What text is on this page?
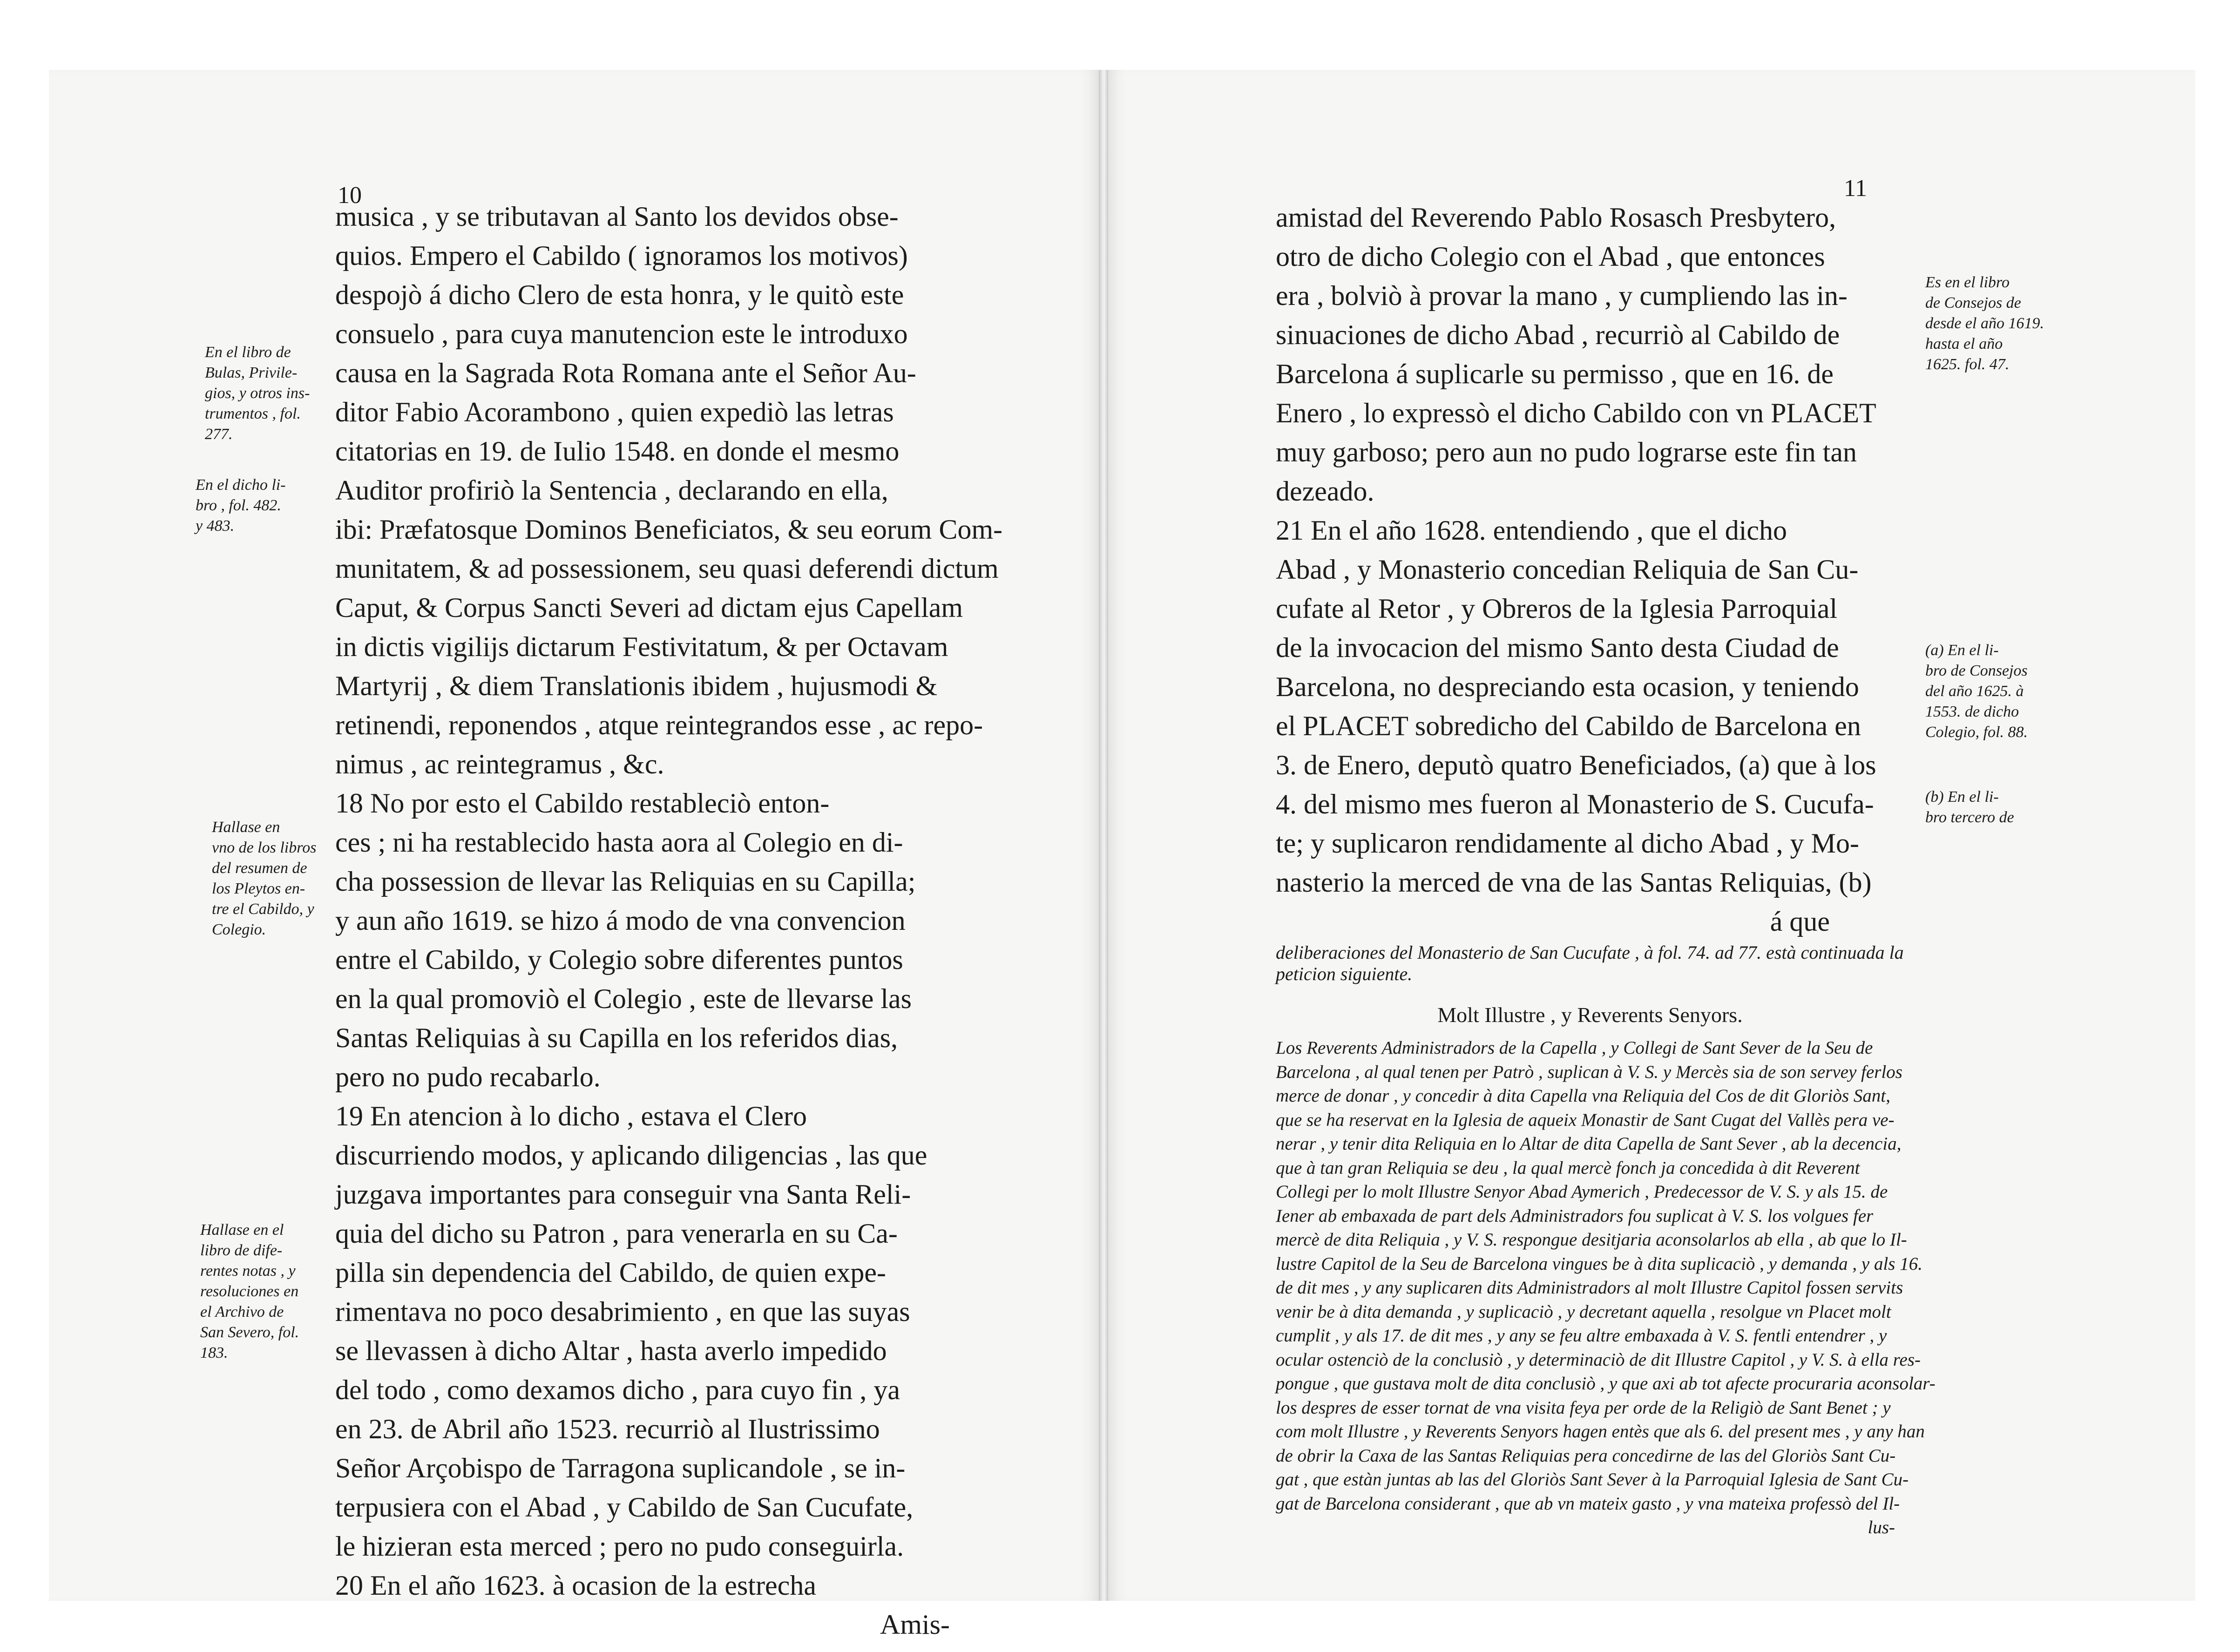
10	11
musica , y se tributavan al Santo los devidos obse-
quios. Empero el Cabildo ( ignoramos los motivos)
despojò á dicho Clero de esta honra, y le quitò este
consuelo , para cuya manutencion este le introduxo
causa en la Sagrada Rota Romana ante el Señor Au-
ditor Fabio Acorambono , quien expediò las letras
citatorias en 19. de Iulio 1548. en donde el mesmo
Auditor profiriò la Sentencia , declarando en ella,
ibi: Præfatosque Dominos Beneficiatos, & seu eorum Com-
munitatem, & ad possessionem, seu quasi deferendi dictum
Caput, & Corpus Sancti Severi ad dictam ejus Capellam
in dictis vigilijs dictarum Festivitatum, & per Octavam
Martyrij , & diem Translationis ibidem , hujusmodi &
retinendi, reponendos , atque reintegrandos esse , ac repo-
nimus , ac reintegramus , &c.
18 No por esto el Cabildo restableciò enton-
ces ; ni ha restablecido hasta aora al Colegio en di-
cha possession de llevar las Reliquias en su Capilla;
y aun año 1619. se hizo á modo de vna convencion
entre el Cabildo, y Colegio sobre diferentes puntos
en la qual promoviò el Colegio , este de llevarse las
Santas Reliquias à su Capilla en los referidos dias,
pero no pudo recabarlo.
19 En atencion à lo dicho , estava el Clero
discurriendo modos, y aplicando diligencias , las que
juzgava importantes para conseguir vna Santa Reli-
quia del dicho su Patron , para venerarla en su Ca-
pilla sin dependencia del Cabildo, de quien expe-
rimentava no poco desabrimiento , en que las suyas
se llevassen à dicho Altar , hasta averlo impedido
del todo , como dexamos dicho , para cuyo fin , ya
en 23. de Abril año 1523. recurriò al Ilustrissimo
Señor Arçobispo de Tarragona suplicandole , se in-
terpusiera con el Abad , y Cabildo de San Cucufate,
le hizieran esta merced ; pero no pudo conseguirla.
20 En el año 1623. à ocasion de la estrecha
Amis-
En el libro de
Bulas, Privile-
gios, y otros ins-
trumentos , fol.
277.
En el dicho li-
bro , fol. 482.
y 483.
Hallase en
vno de los libros
del resumen de
los Pleytos en-
tre el Cabildo, y
Colegio.
Hallase en el
libro de dife-
rentes notas , y
resoluciones en
el Archivo de
San Severo, fol.
183.
amistad del Reverendo Pablo Rosasch Presbytero,
otro de dicho Colegio con el Abad , que entonces
era , bolviò à provar la mano , y cumpliendo las in-
sinuaciones de dicho Abad , recurriò al Cabildo de
Barcelona á suplicarle su permisso , que en 16. de
Enero , lo expressò el dicho Cabildo con vn PLACET
muy garboso; pero aun no pudo lograrse este fin tan
dezeado.
21 En el año 1628. entendiendo , que el dicho
Abad , y Monasterio concedian Reliquia de San Cu-
cufate al Retor , y Obreros de la Iglesia Parroquial
de la invocacion del mismo Santo desta Ciudad de
Barcelona, no despreciando esta ocasion, y teniendo
el PLACET sobredicho del Cabildo de Barcelona en
3. de Enero, deputò quatro Beneficiados, (a) que à los
4. del mismo mes fueron al Monasterio de S. Cucufa-
te; y suplicaron rendidamente al dicho Abad , y Mo-
nasterio la merced de vna de las Santas Reliquias, (b)
á que
deliberaciones del Monasterio de San Cucufate , à fol. 74. ad 77. està continuada la
peticion siguiente.
Molt Illustre , y Reverents Senyors.
Los Reverents Administradors de la Capella , y Collegi de Sant Sever de la Seu de
Barcelona , al qual tenen per Patrò , suplican à V. S. y Mercès sia de son servey ferlos
merce de donar , y concedir à dita Capella vna Reliquia del Cos de dit Gloriòs Sant,
que se ha reservat en la Iglesia de aqueix Monastir de Sant Cugat del Vallès pera ve-
nerar , y tenir dita Reliquia en lo Altar de dita Capella de Sant Sever , ab la decencia,
que à tan gran Reliquia se deu , la qual mercè fonch ja concedida à dit Reverent
Collegi per lo molt Illustre Senyor Abad Aymerich , Predecessor de V. S. y als 15. de
Iener ab embaxada de part dels Administradors fou suplicat à V. S. los volgues fer
mercè de dita Reliquia , y V. S. respongue desitjaria aconsolarlos ab ella , ab que lo Il-
lustre Capitol de la Seu de Barcelona vingues be à dita suplicaciò , y demanda , y als 16.
de dit mes , y any suplicaren dits Administradors al molt Illustre Capitol fossen servits
venir be à dita demanda , y suplicaciò , y decretant aquella , resolgue vn Placet molt
cumplit , y als 17. de dit mes , y any se feu altre embaxada à V. S. fentli entendrer , y
ocular ostenciò de la conclusiò , y determinaciò de dit Illustre Capitol , y V. S. à ella res-
pongue , que gustava molt de dita conclusiò , y que axi ab tot afecte procuraria aconsolar-
los despres de esser tornat de vna visita feya per orde de la Religiò de Sant Benet ; y
com molt Illustre , y Reverents Senyors hagen entès que als 6. del present mes , y any han
de obrir la Caxa de las Santas Reliquias pera concedirne de las del Gloriòs Sant Cu-
gat , que estàn juntas ab las del Gloriòs Sant Sever à la Parroquial Iglesia de Sant Cu-
gat de Barcelona considerant , que ab vn mateix gasto , y vna mateixa professò del Il-
lus-
Es en el libro
de Consejos de
desde el año 1619.
hasta el año
1625. fol. 47.
(a) En el li-
bro de Consejos
del año 1625. à
1553. de dicho
Colegio, fol. 88.
(b) En el li-
bro tercero de
